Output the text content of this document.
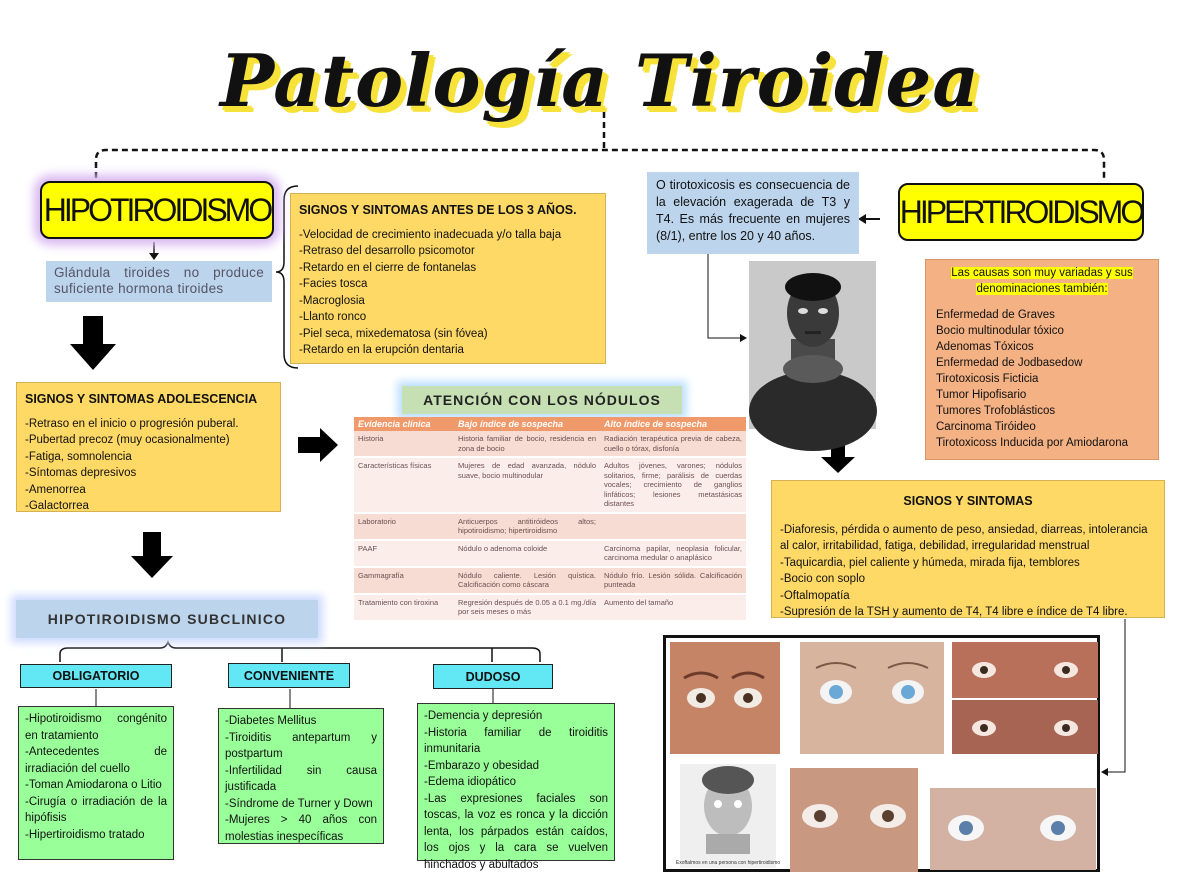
Patología Tiroidea
HIPOTIROIDISMO
Glándula tiroides no produce suficiente hormona tiroides
SIGNOS Y SINTOMAS ANTES DE LOS 3 AÑOS.
-Velocidad de crecimiento inadecuada y/o talla baja
-Retraso del desarrollo psicomotor
-Retardo en el cierre de fontanelas
-Facies tosca
-Macroglosia
-Llanto ronco
-Piel seca, mixedematosa (sin fóvea)
-Retardo en la erupción dentaria
SIGNOS Y SINTOMAS ADOLESCENCIA
-Retraso en el inicio o progresión puberal.
-Pubertad precoz (muy ocasionalmente)
-Fatiga, somnolencia
-Síntomas depresivos
-Amenorrea
-Galactorrea
ATENCIÓN CON LOS NÓDULOS
Evidencia clínica	Bajo índice de sospecha	Alto índice de sospecha
Historia	Historia familiar de bocio, residencia en zona de bocio	Radiación terapéutica previa de cabeza, cuello o tórax, disfonía
Características físicas	Mujeres de edad avanzada, nódulo suave, bocio multinodular	Adultos jóvenes, varones; nódulos solitarios, firme; parálisis de cuerdas vocales; crecimiento de ganglios linfáticos; lesiones metastásicas distantes
Laboratorio	Anticuerpos antitiróideos altos; hipotiroidismo; hipertiroidismo	
PAAF	Nódulo o adenoma coloide	Carcinoma papilar, neoplasia folicular, carcinoma medular o anaplásico
Gammagrafía	Nódulo caliente. Lesión quística. Calcificación como cáscara	Nódulo frío. Lesión sólida. Calcificación punteada
Tratamiento con tiroxina	Regresión después de 0.05 a 0.1 mg./día por seis meses o más	Aumento del tamaño
HIPOTIROIDISMO SUBCLINICO
OBLIGATORIO	CONVENIENTE	DUDOSO
-Hipotiroidismo congénito en tratamiento
-Antecedentes de irradiación del cuello
-Toman Amiodarona o Litio
-Cirugía o irradiación de la hipófisis
-Hipertiroidismo tratado
-Diabetes Mellitus
-Tiroiditis antepartum y postpartum
-Infertilidad sin causa justificada
-Síndrome de Turner y Down
-Mujeres > 40 años con molestias inespecíficas
-Demencia y depresión
-Historia familiar de tiroiditis inmunitaria
-Embarazo y obesidad
-Edema idiopático
-Las expresiones faciales son toscas, la voz es ronca y la dicción lenta, los párpados están caídos, los ojos y la cara se vuelven hinchados y abultados
HIPERTIROIDISMO
O tirotoxicosis es consecuencia de la elevación exagerada de T3 y T4. Es más frecuente en mujeres (8/1), entre los 20 y 40 años.
Las causas son muy variadas y sus denominaciones también:
Enfermedad de Graves
Bocio multinodular tóxico
Adenomas Tóxicos
Enfermedad de Jodbasedow
Tirotoxicosis Ficticia
Tumor Hipofisario
Tumores Trofoblásticos
Carcinoma Tiróideo
Tirotoxicoss Inducida por Amiodarona
SIGNOS Y SINTOMAS
-Diaforesis, pérdida o aumento de peso, ansiedad, diarreas, intolerancia al calor, irritabilidad, fatiga, debilidad, irregularidad menstrual
-Taquicardia, piel caliente y húmeda, mirada fija, temblores
-Bocio con soplo
-Oftalmopatía
-Supresión de la TSH y aumento de T4, T4 libre e índice de T4 libre.
Exoftalmos en una persona con hipertiroidismo
